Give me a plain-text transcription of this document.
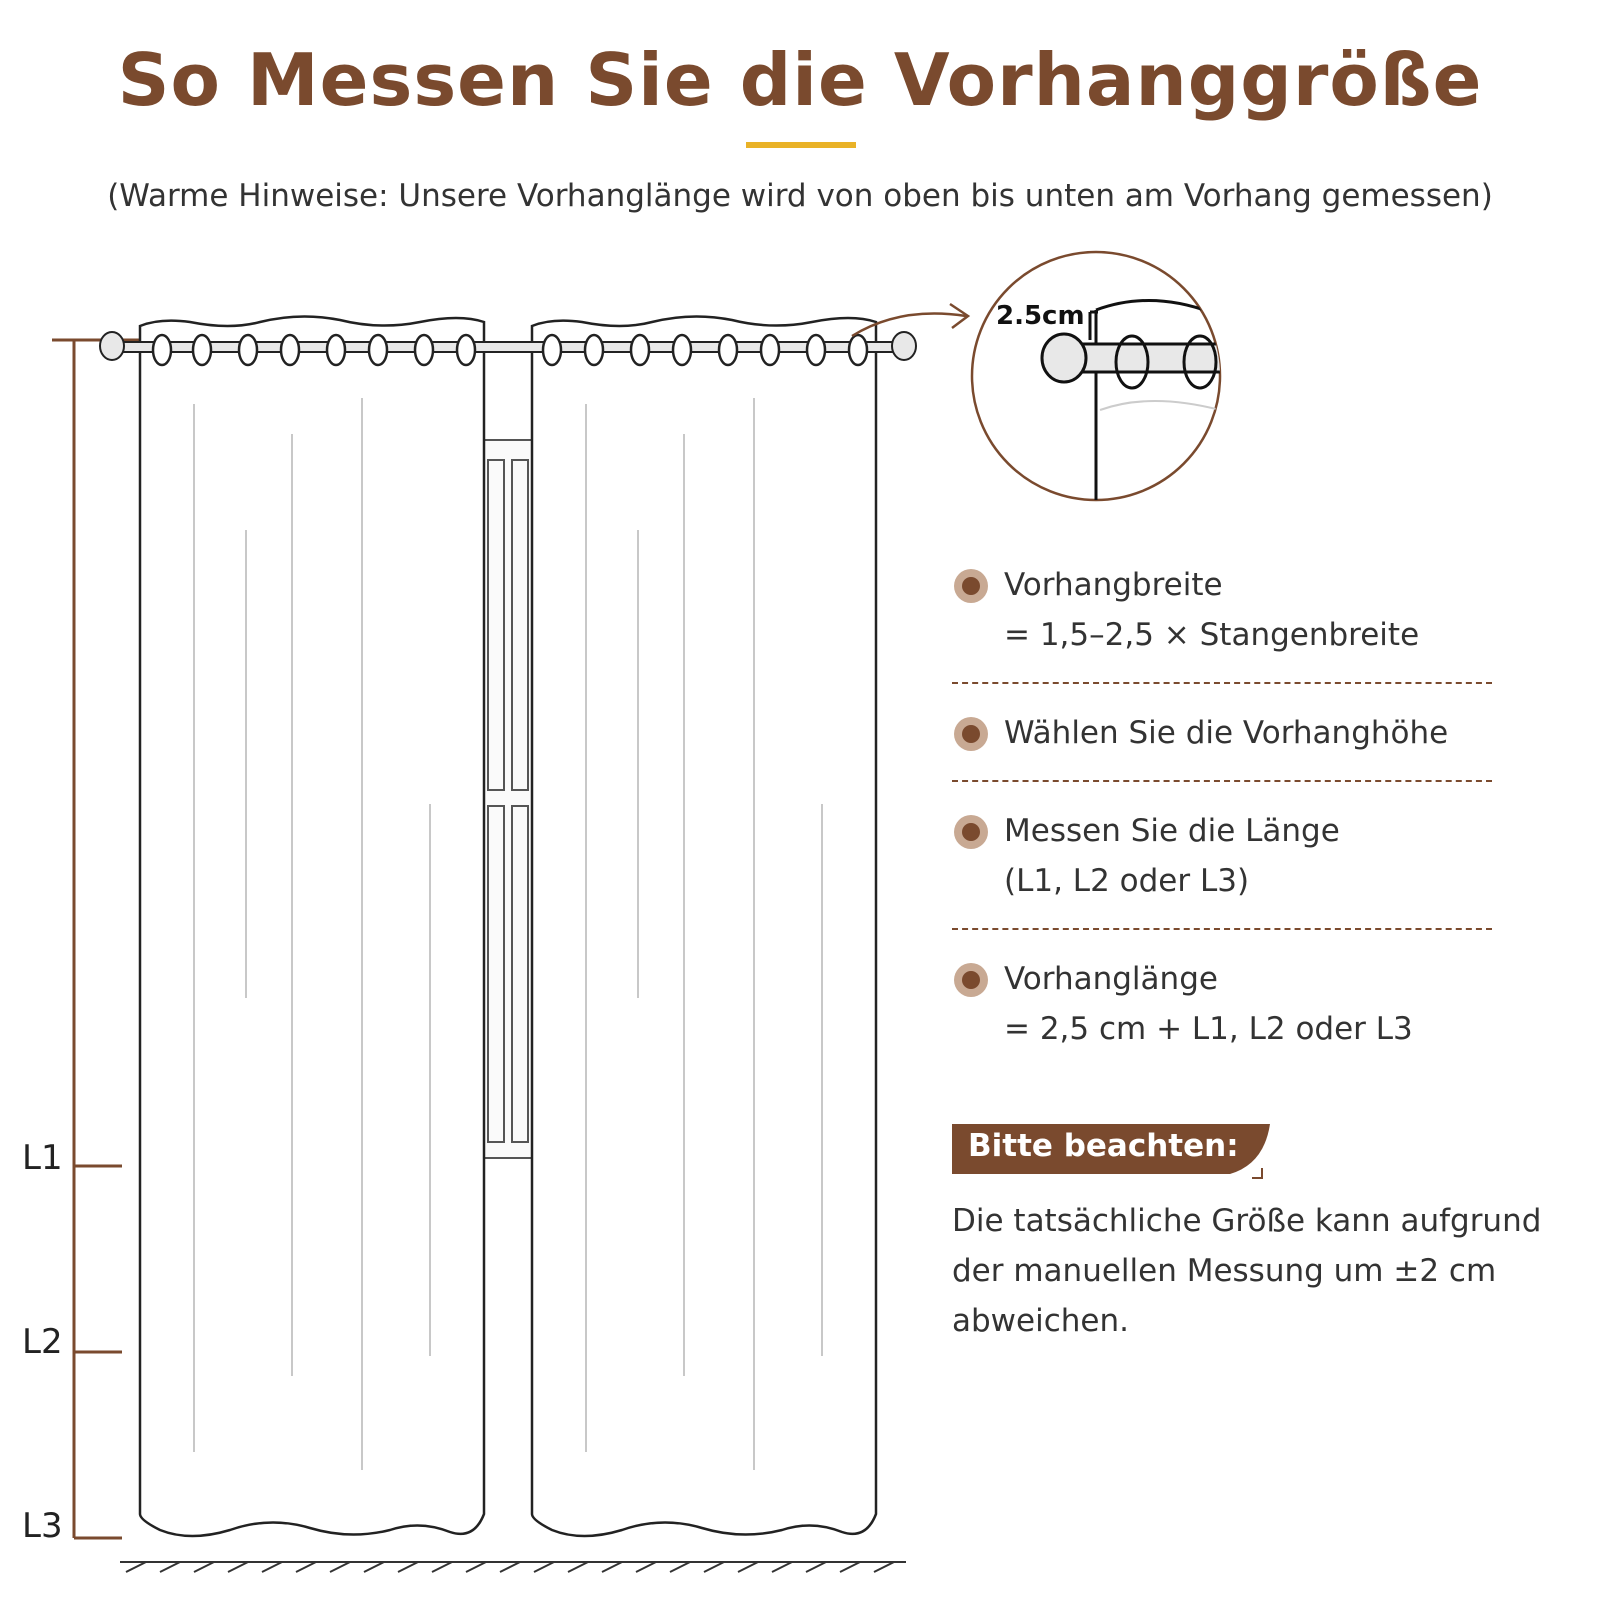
So Messen Sie die Vorhanggröße
(Warme Hinweise: Unsere Vorhanglänge wird von oben bis unten am Vorhang gemessen)
2.5cm
L1
L2
L3
Vorhangbreite
= 1,5–2,5 × Stangenbreite
Wählen Sie die Vorhanghöhe
Messen Sie die Länge
(L1, L2 oder L3)
Vorhanglänge
= 2,5 cm + L1, L2 oder L3
Bitte beachten:
Die tatsächliche Größe kann aufgrund der manuellen Messung um ±2 cm abweichen.
